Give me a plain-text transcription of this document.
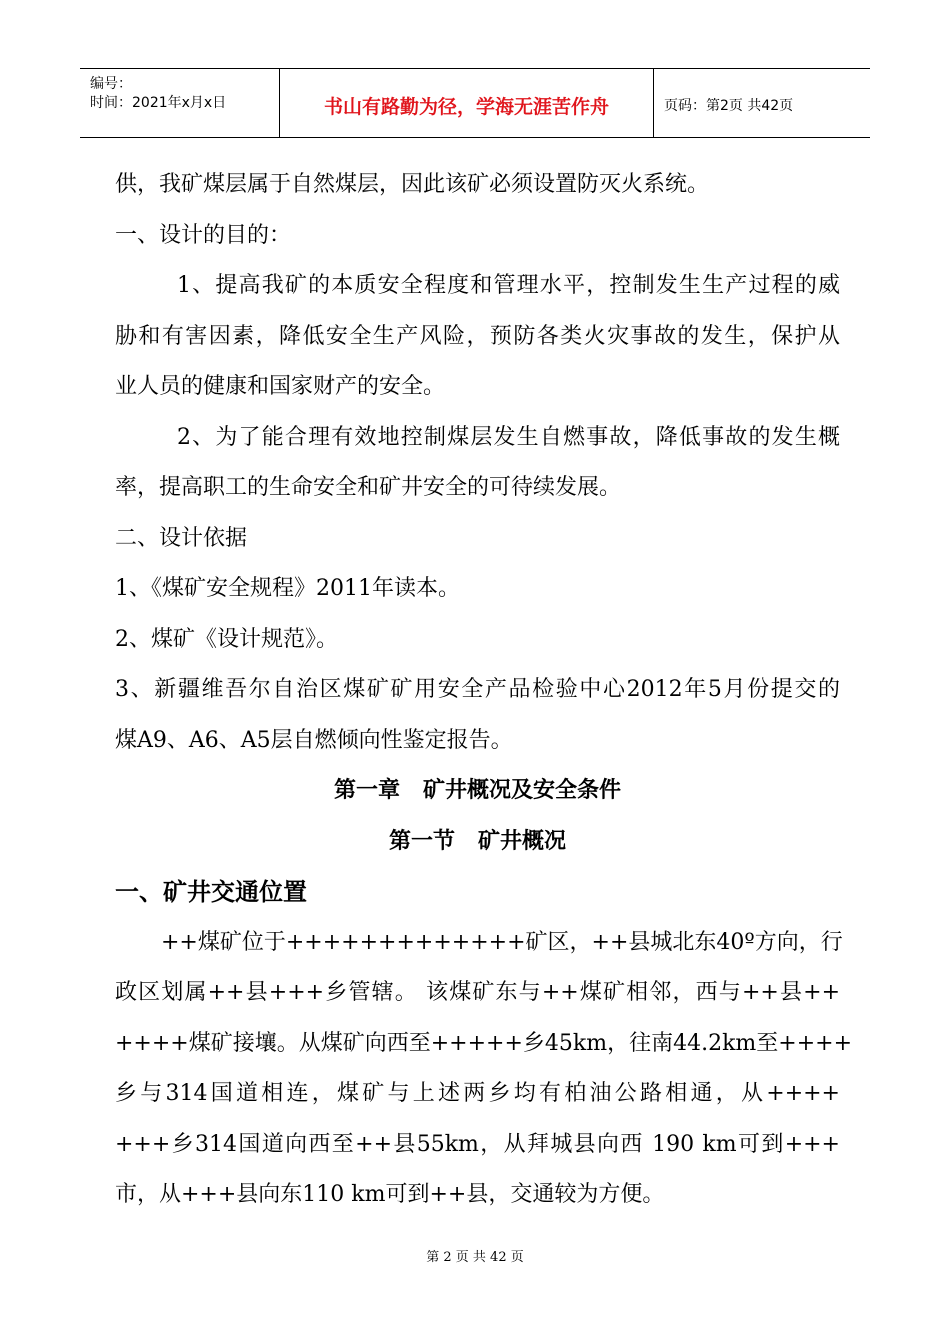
编号：
时间：2021年x月x日	书山有路勤为径，学海无涯苦作舟	页码：第2页 共42页
供，我矿煤层属于自然煤层，因此该矿必须设置防灭火系统。
一、设计的目的：
1、提高我矿的本质安全程度和管理水平，控制发生生产过程的威
胁和有害因素，降低安全生产风险，预防各类火灾事故的发生，保护从
业人员的健康和国家财产的安全。
2、为了能合理有效地控制煤层发生自燃事故，降低事故的发生概
率，提高职工的生命安全和矿井安全的可待续发展。
二、设计依据
1、《煤矿安全规程》2011年读本。
2、煤矿《设计规范》。
3、新疆维吾尔自治区煤矿矿用安全产品检验中心2012年5月份提交的
煤A9、A6、A5层自燃倾向性鉴定报告。
第一章   矿井概况及安全条件
第一节   矿井概况
一、矿井交通位置
++煤矿位于+++++++++++++矿区，++县城北东40º方向，行
政区划属++县+++乡管辖。 该煤矿东与++煤矿相邻，西与++县++
++++煤矿接壤。从煤矿向西至+++++乡45km，往南44.2km至++++
乡与314国道相连，煤矿与上述两乡均有柏油公路相通，从++++
+++乡314国道向西至++县55km，从拜城县向西 190 km可到+++
市，从+++县向东110 km可到++县，交通较为方便。
第 2 页 共 42 页
